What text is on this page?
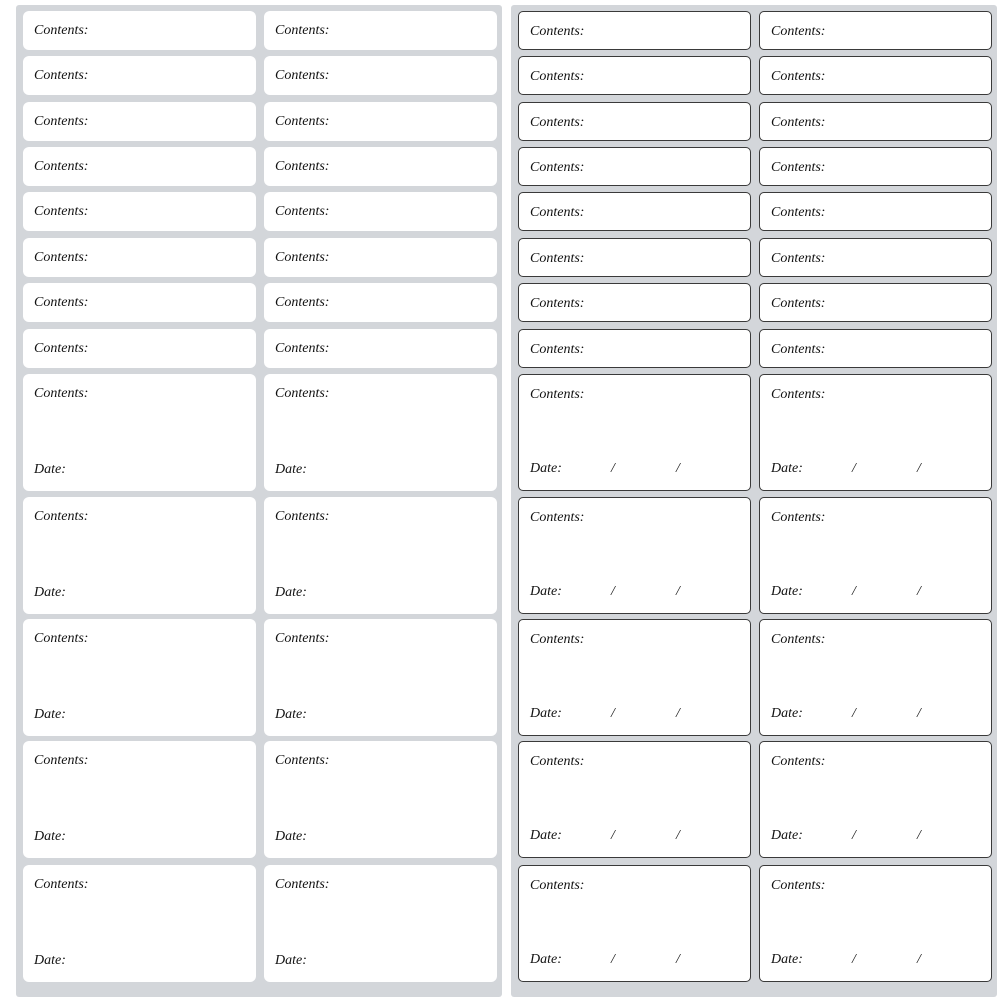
Contents:	Contents:
Contents:	Contents:
Contents:	Contents:
Contents:	Contents:
Contents:	Contents:
Contents:	Contents:
Contents:	Contents:
Contents:	Contents:
Contents:
Date:
Contents:
Date:
Contents:
Date:
Contents:
Date:
Contents:
Date:
Contents:
Date:
Contents:
Date:
Contents:
Date:
Contents:
Date:
Contents:
Date:
Contents:	Contents:
Contents:	Contents:
Contents:	Contents:
Contents:	Contents:
Contents:	Contents:
Contents:	Contents:
Contents:	Contents:
Contents:	Contents:
Contents:
Date:	/	/
Contents:
Date:	/	/
Contents:
Date:	/	/
Contents:
Date:	/	/
Contents:
Date:	/	/
Contents:
Date:	/	/
Contents:
Date:	/	/
Contents:
Date:	/	/
Contents:
Date:	/	/
Contents:
Date:	/	/
